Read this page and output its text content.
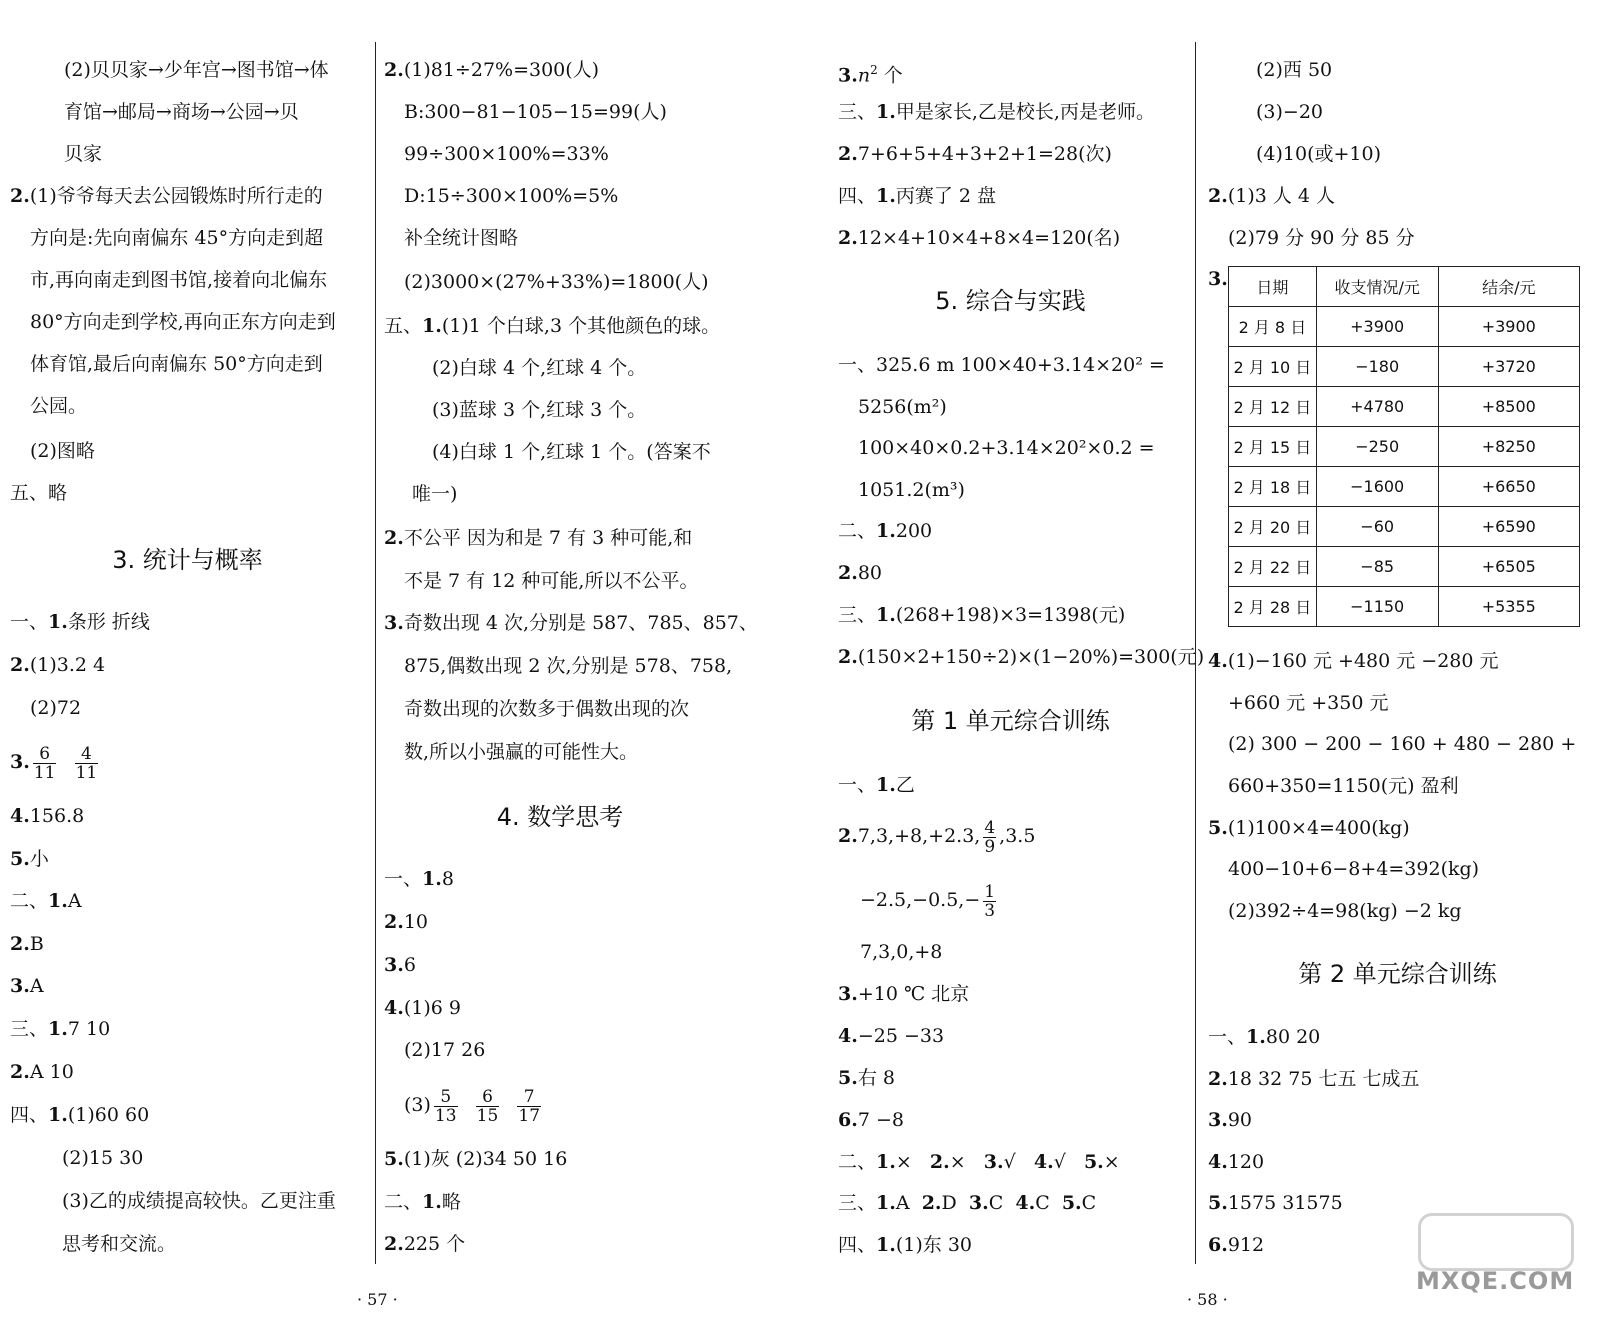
(2)贝贝家→少年宫→图书馆→体
育馆→邮局→商场→公园→贝
贝家
2.(1)爷爷每天去公园锻炼时所行走的
方向是:先向南偏东 45°方向走到超
市,再向南走到图书馆,接着向北偏东
80°方向走到学校,再向正东方向走到
体育馆,最后向南偏东 50°方向走到
公园。
(2)图略
五、略
3. 统计与概率
一、1.条形 折线
2.(1)3.2 4
(2)72
3. $\frac{6}{11}$
$\frac{4}{11}$
4.156.8
5.小
二、1.A
2.B
3.A
三、1.7 10
2.A 10
四、1.(1)60 60
(2)15 30
(3)乙的成绩提高较快。乙更注重
思考和交流。
2.(1)81÷27%=300(人)
B:300−81−105−15=99(人)
99÷300×100%=33%
D:15÷300×100%=5%
补全统计图略
(2)3000×(27%+33%)=1800(人)
五、1.(1)1 个白球,3 个其他颜色的球。
(2)白球 4 个,红球 4 个。
(3)蓝球 3 个,红球 3 个。
(4)白球 1 个,红球 1 个。(答案不
唯一)
2.不公平 因为和是 7 有 3 种可能,和
不是 7 有 12 种可能,所以不公平。
3.奇数出现 4 次,分别是 587、785、857、
875,偶数出现 2 次,分别是 578、758,
奇数出现的次数多于偶数出现的次
数,所以小强赢的可能性大。
4. 数学思考
一、1.8
2.10
3.6
4.(1)6 9
(2)17 26
$(3) \frac{5}{13}$
$\frac{6}{15}$
$\frac{7}{17}$
5.(1)灰 (2)34 50 16
二、1.略
2.225 个
· 57 ·
$3.n^2$ 个
三、1.甲是家长,乙是校长,丙是老师。
2.7+6+5+4+3+2+1=28(次)
四、1.丙赛了 2 盘
2.12×4+10×4+8×4=120(名)
5. 综合与实践
一、325.6 m 100×40+3.14×20² =
5256(m²)
100×40×0.2+3.14×20²×0.2 =
1051.2(m³)
二、1.200
2.80
三、1.(268+198)×3=1398(元)
2.(150×2+150÷2)×(1−20%)=300(元)
第 1 单元综合训练
一、1.乙
2.7,3,+8,+2.3, $\frac{4}{9} ,3.5$
$-2.5,-0.5,- \frac{1}{3}$
7,3,0,+8
3.+10 ℃ 北京
4.−25 −33
5.右 8
6.7 −8
二、1.× 2.× 3.√ 4.√ 5.×
三、1.A 2.D 3.C 4.C 5.C
四、1.(1)东 30
(2)西 50
(3)−20
(4)10(或+10)
2.(1)3 人 4 人
(2)79 分 90 分 85 分
3. 日期	收支情况/元	结余/元
2 月 8 日	+3900	+3900
2 月 10 日	−180	+3720
2 月 12 日	+4780	+8500
2 月 15 日	−250	+8250
2 月 18 日	−1600	+6650
2 月 20 日	−60	+6590
2 月 22 日	−85	+6505
2 月 28 日	−1150	+5355
4.(1)−160 元 +480 元 −280 元
+660 元 +350 元
(2) 300 − 200 − 160 + 480 − 280 +
660+350=1150(元) 盈利
5.(1)100×4=400(kg)
400−10+6−8+4=392(kg)
(2)392÷4=98(kg) −2 kg
第 2 单元综合训练
一、1.80 20
2.18 32 75 七五 七成五
3.90
4.120
5.1575 31575
6.912
· 58 ·
MXQE.COM
